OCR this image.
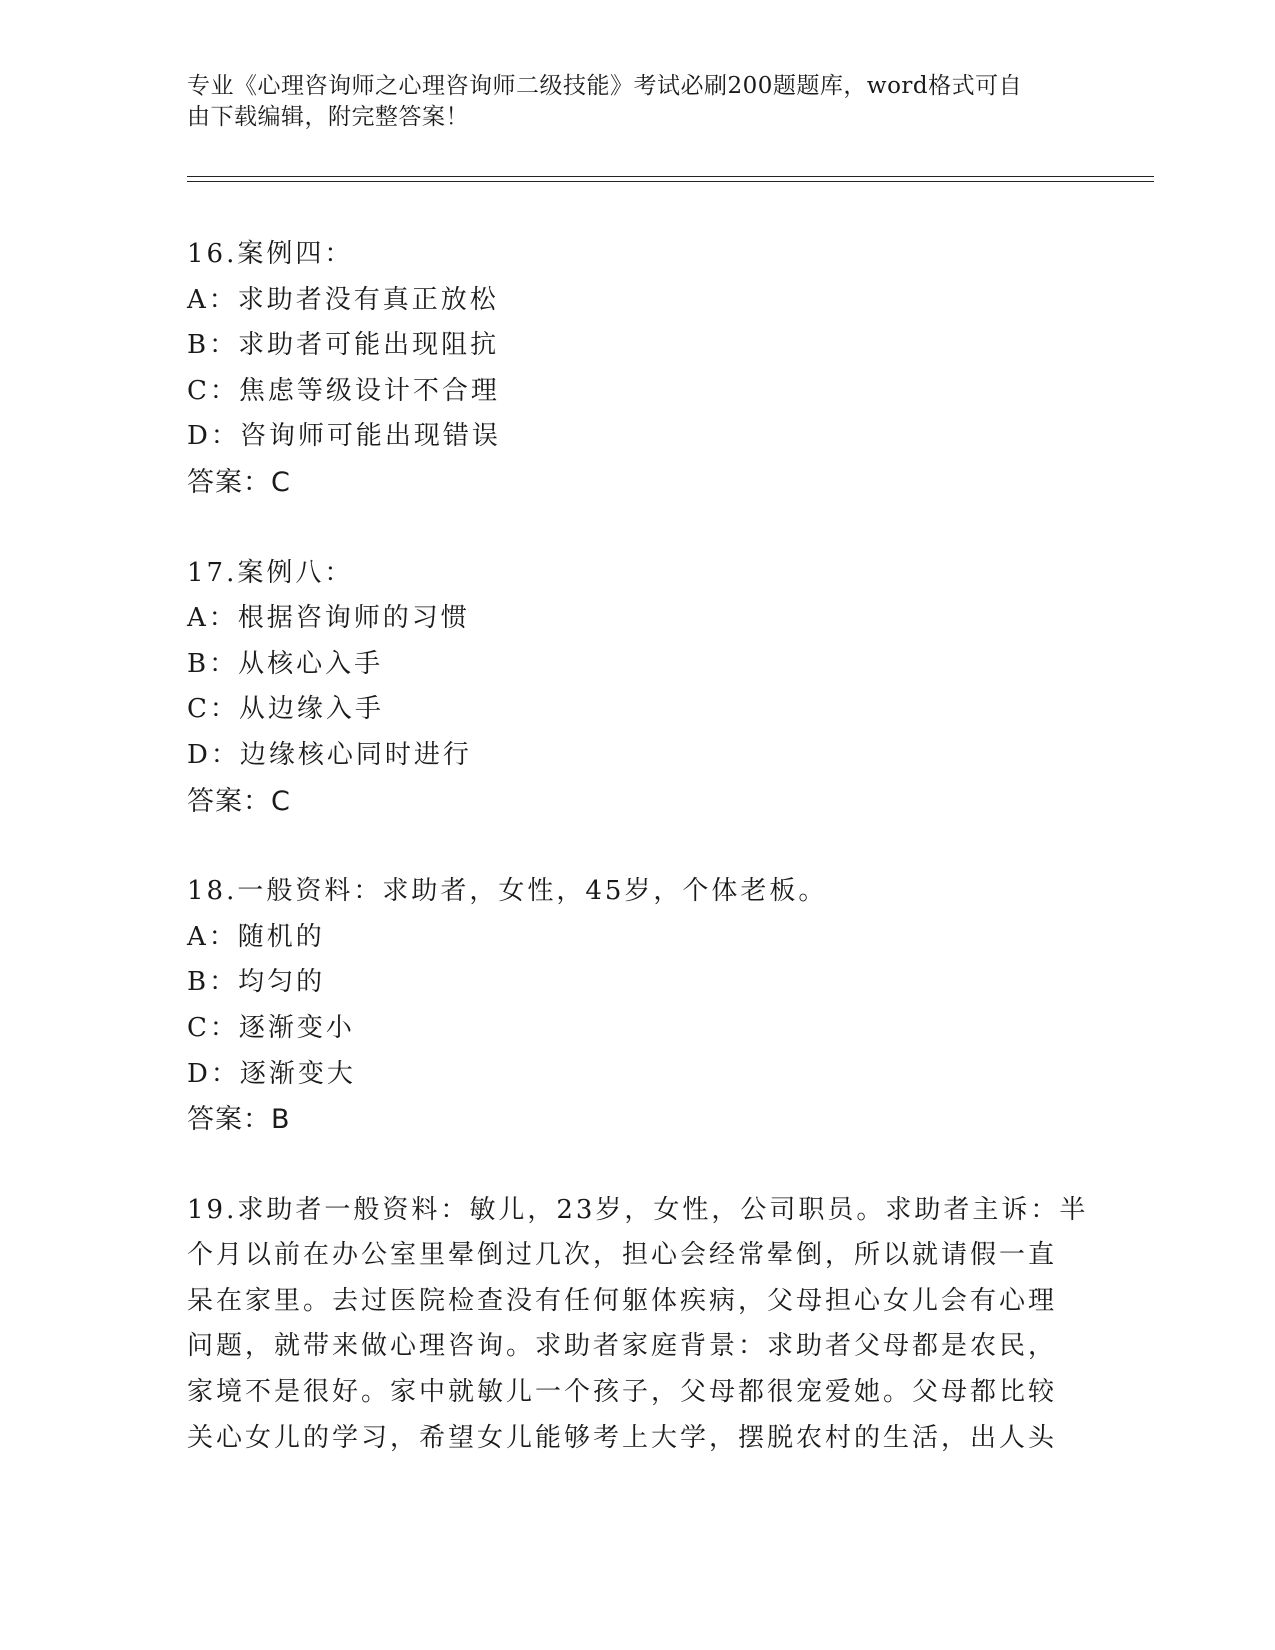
专业《心理咨询师之心理咨询师二级技能》考试必刷200题题库，word格式可自
由下载编辑，附完整答案！
16.案例四：
A：求助者没有真正放松
B：求助者可能出现阻抗
C：焦虑等级设计不合理
D：咨询师可能出现错误
答案：C
17.案例八：
A：根据咨询师的习惯
B：从核心入手
C：从边缘入手
D：边缘核心同时进行
答案：C
18.一般资料：求助者，女性，45岁，个体老板。
A：随机的
B：均匀的
C：逐渐变小
D：逐渐变大
答案：B
19.求助者一般资料：敏儿，23岁，女性，公司职员。求助者主诉：半
个月以前在办公室里晕倒过几次，担心会经常晕倒，所以就请假一直
呆在家里。去过医院检查没有任何躯体疾病，父母担心女儿会有心理
问题，就带来做心理咨询。求助者家庭背景：求助者父母都是农民，
家境不是很好。家中就敏儿一个孩子，父母都很宠爱她。父母都比较
关心女儿的学习，希望女儿能够考上大学，摆脱农村的生活，出人头
